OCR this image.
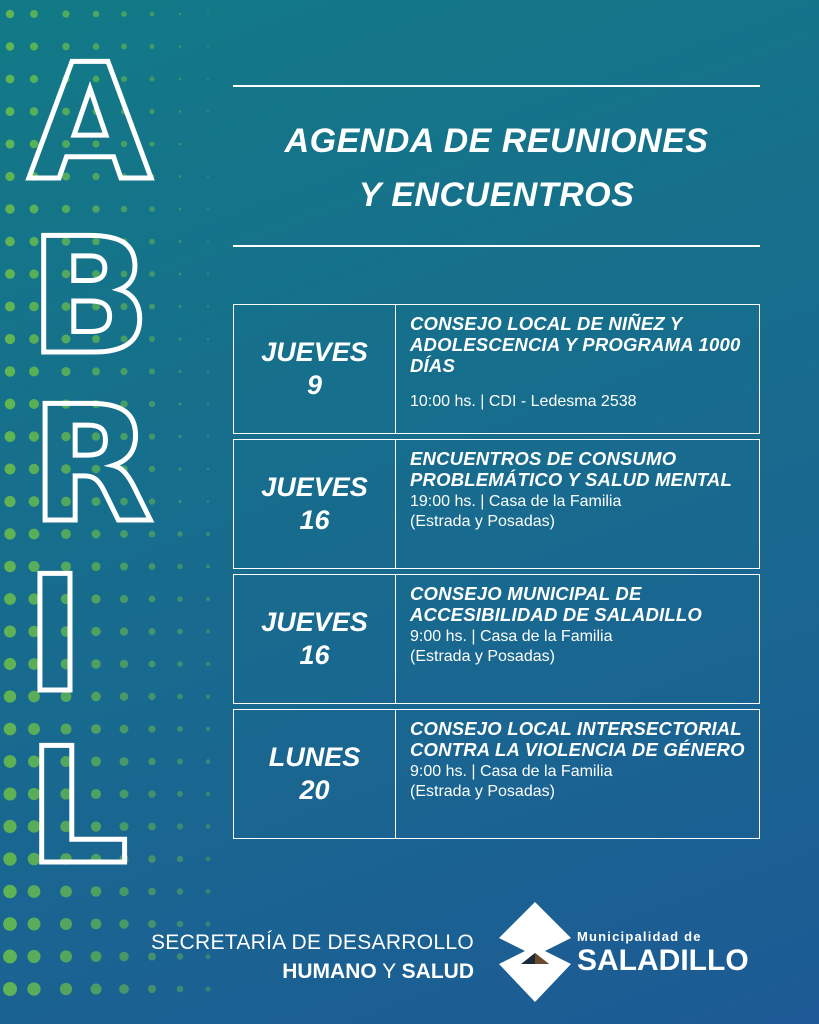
A
B
R
I
L
AGENDA DE REUNIONES
Y ENCUENTROS
JUEVES
9
CONSEJO LOCAL DE NIÑEZ Y ADOLESCENCIA Y PROGRAMA 1000 DÍAS
10:00 hs. | CDI - Ledesma 2538
JUEVES
16
ENCUENTROS DE CONSUMO PROBLEMÁTICO Y SALUD MENTAL
19:00 hs. | Casa de la Familia
(Estrada y Posadas)
JUEVES
16
CONSEJO MUNICIPAL DE ACCESIBILIDAD DE SALADILLO
9:00 hs. | Casa de la Familia
(Estrada y Posadas)
LUNES
20
CONSEJO LOCAL INTERSECTORIAL CONTRA LA VIOLENCIA DE GÉNERO
9:00 hs. | Casa de la Familia
(Estrada y Posadas)
SECRETARÍA DE DESARROLLO
HUMANO Y SALUD
Municipalidad de
SALADILLO
